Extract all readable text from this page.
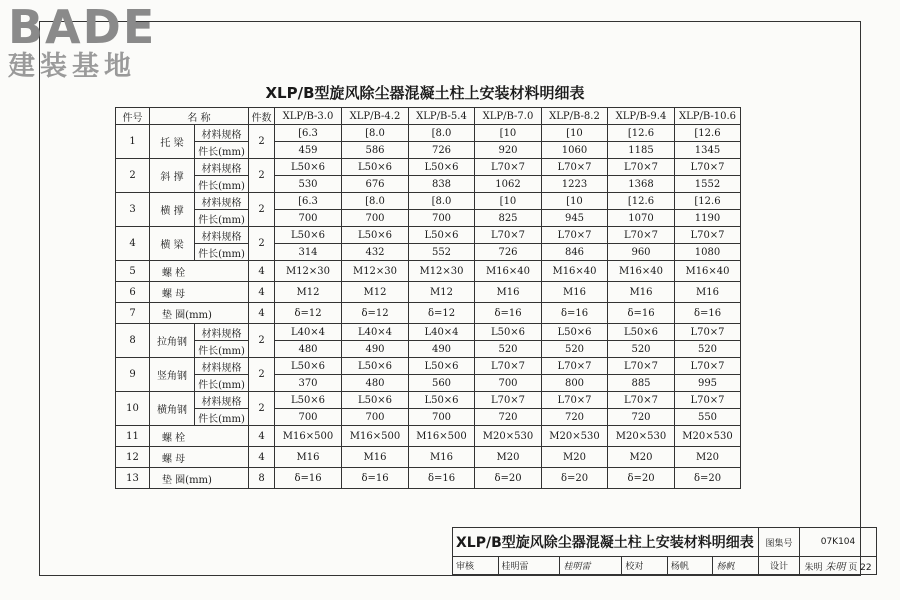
BADE
建装基地
XLP/B型旋风除尘器混凝土柱上安装材料明细表
件号	名 称		件数	XLP/B-3.0	XLP/B-4.2	XLP/B-5.4	XLP/B-7.0	XLP/B-8.2	XLP/B-9.4	XLP/B-10.6
1	托 梁	材料规格	2	[6.3	[8.0	[8.0	[10	[10	[12.6	[12.6
		件长(mm)		459	586	726	920	1060	1185	1345
2	斜 撑	材料规格	2	L50×6	L50×6	L50×6	L70×7	L70×7	L70×7	L70×7
		件长(mm)		530	676	838	1062	1223	1368	1552
3	横 撑	材料规格	2	[6.3	[8.0	[8.0	[10	[10	[12.6	[12.6
		件长(mm)		700	700	700	825	945	1070	1190
4	横 梁	材料规格	2	L50×6	L50×6	L50×6	L70×7	L70×7	L70×7	L70×7
		件长(mm)		314	432	552	726	846	960	1080
5	螺 栓		4	M12×30	M12×30	M12×30	M16×40	M16×40	M16×40	M16×40
6	螺 母		4	M12	M12	M12	M16	M16	M16	M16
7	垫 圈(mm)		4	δ=12	δ=12	δ=12	δ=16	δ=16	δ=16	δ=16
8	拉角钢	材料规格	2	L40×4	L40×4	L40×4	L50×6	L50×6	L50×6	L70×7
		件长(mm)		480	490	490	520	520	520	520
9	竖角钢	材料规格	2	L50×6	L50×6	L50×6	L70×7	L70×7	L70×7	L70×7
		件长(mm)		370	480	560	700	800	885	995
10	横角钢	材料规格	2	L50×6	L50×6	L50×6	L70×7	L70×7	L70×7	L70×7
		件长(mm)		700	700	700	720	720	720	550
11	螺 栓		4	M16×500	M16×500	M16×500	M20×530	M20×530	M20×530	M20×530
12	螺 母		4	M16	M16	M16	M20	M20	M20	M20
13	垫 圈(mm)		8	δ=16	δ=16	δ=16	δ=20	δ=20	δ=20	δ=20
XLP/B型旋风除尘器混凝土柱上安装材料明细表						图集号	07K104
审核	桂明雷	桂明雷	校对	杨帆	杨帆	设计	朱明 朱明 页 22
